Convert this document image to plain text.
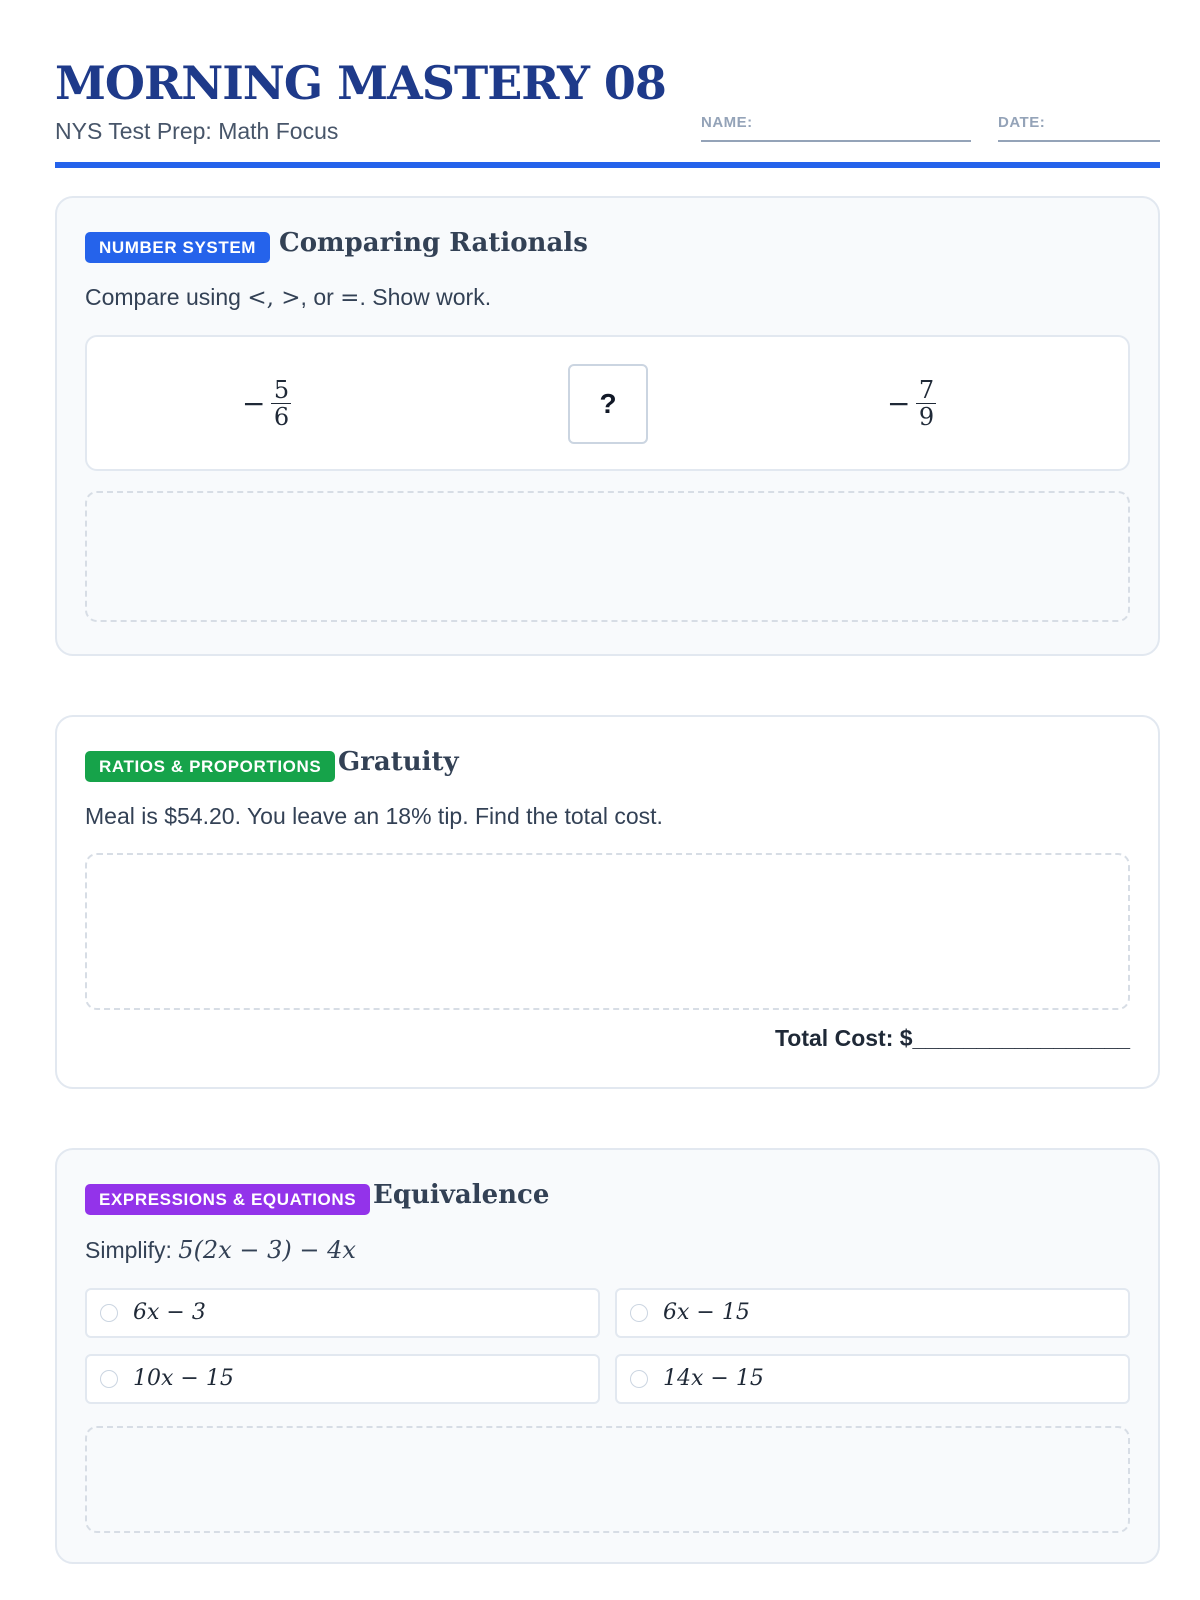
MORNING MASTERY 08
NYS Test Prep: Math Focus	NAME:	DATE:
NUMBER SYSTEM Comparing Rationals
Compare using <, >, or =. Show work.
− $\frac{5}{6}$	?	− $\frac{7}{9}$
RATIOS & PROPORTIONS Gratuity
Meal is $54.20. You leave an 18% tip. Find the total cost.
Total Cost: $_________________
EXPRESSIONS & EQUATIONS Equivalence
Simplify: 5(2x − 3) − 4x
6x − 3	6x − 15
10x − 15	14x − 15
